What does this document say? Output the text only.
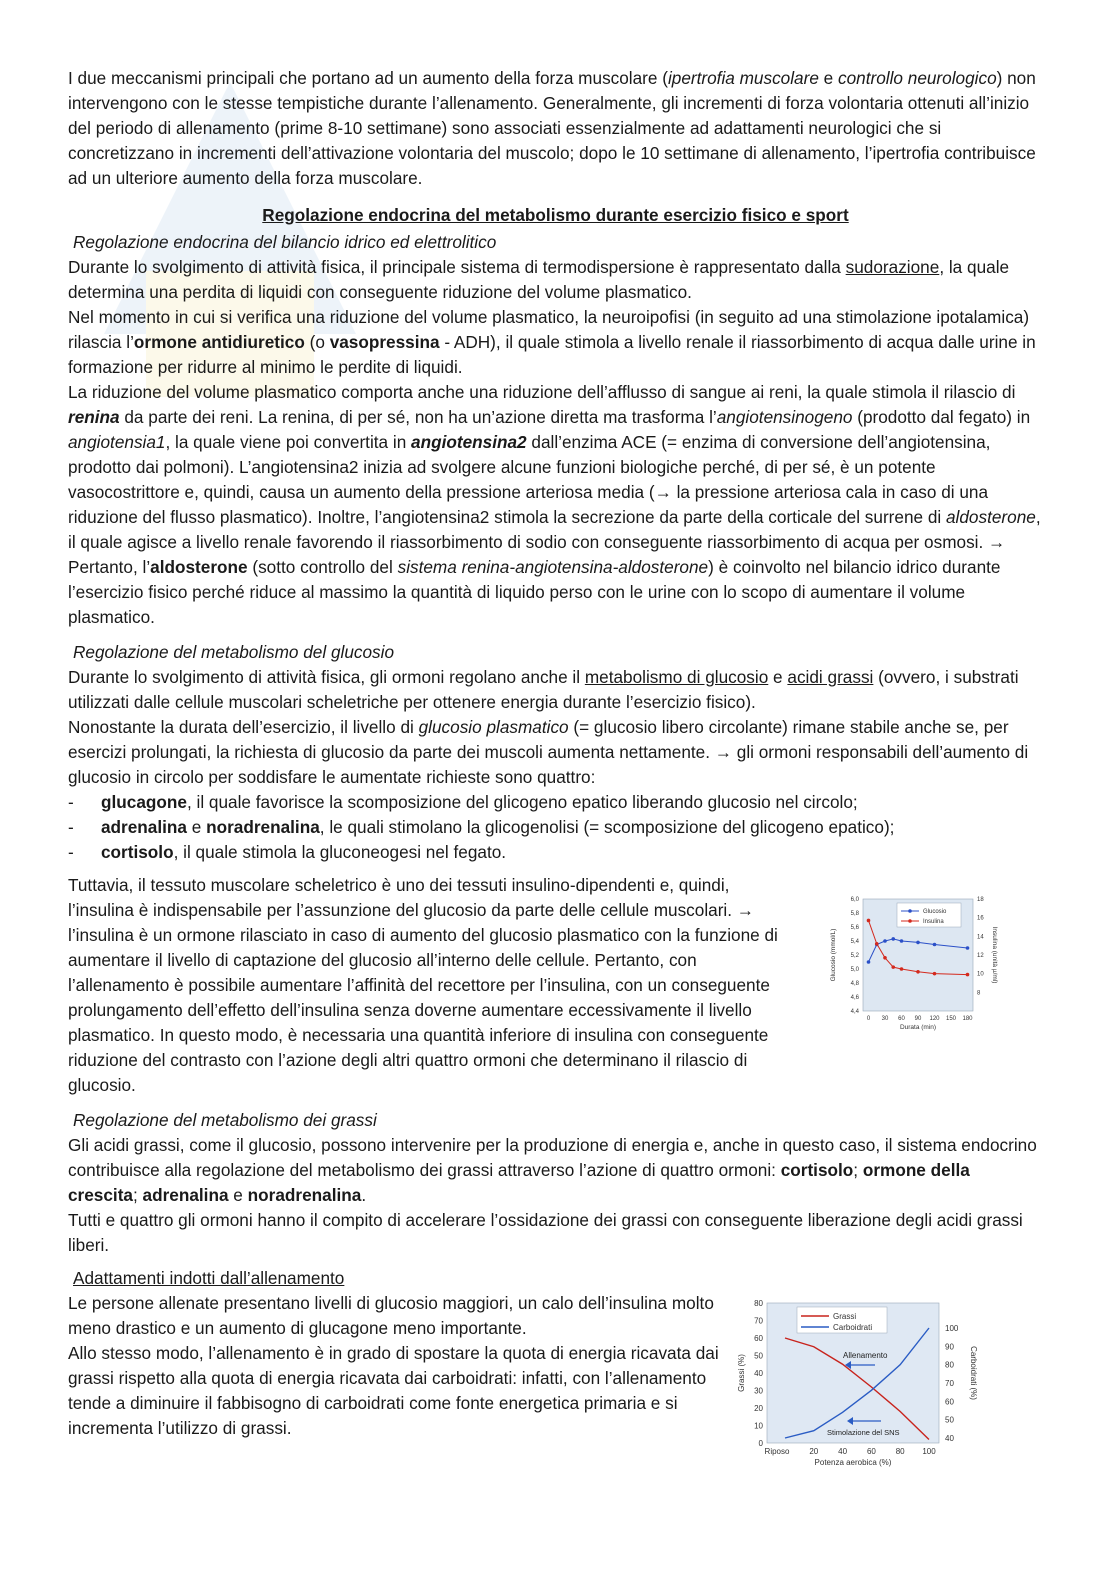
I due meccanismi principali che portano ad un aumento della forza muscolare (ipertrofia muscolare e controllo neurologico) non intervengono con le stesse tempistiche durante l’allenamento. Generalmente, gli incrementi di forza volontaria ottenuti all’inizio del periodo di allenamento (prime 8-10 settimane) sono associati essenzialmente ad adattamenti neurologici che si concretizzano in incrementi dell’attivazione volontaria del muscolo; dopo le 10 settimane di allenamento, l’ipertrofia contribuisce ad un ulteriore aumento della forza muscolare.

Regolazione endocrina del metabolismo durante esercizio fisico e sport

Regolazione endocrina del bilancio idrico ed elettrolitico

Durante lo svolgimento di attività fisica, il principale sistema di termodispersione è rappresentato dalla sudorazione, la quale determina una perdita di liquidi con conseguente riduzione del volume plasmatico.

Nel momento in cui si verifica una riduzione del volume plasmatico, la neuroipofisi (in seguito ad una stimolazione ipotalamica) rilascia l’ormone antidiuretico (o vasopressina - ADH), il quale stimola a livello renale il riassorbimento di acqua dalle urine in formazione per ridurre al minimo le perdite di liquidi.

La riduzione del volume plasmatico comporta anche una riduzione dell’afflusso di sangue ai reni, la quale stimola il rilascio di renina da parte dei reni. La renina, di per sé, non ha un’azione diretta ma trasforma l’angiotensinogeno (prodotto dal fegato) in angiotensia1, la quale viene poi convertita in angiotensina2 dall’enzima ACE (= enzima di conversione dell’angiotensina, prodotto dai polmoni). L’angiotensina2 inizia ad svolgere alcune funzioni biologiche perché, di per sé, è un potente vasocostrittore e, quindi, causa un aumento della pressione arteriosa media (→ la pressione arteriosa cala in caso di una riduzione del flusso plasmatico). Inoltre, l’angiotensina2 stimola la secrezione da parte della corticale del surrene di aldosterone, il quale agisce a livello renale favorendo il riassorbimento di sodio con conseguente riassorbimento di acqua per osmosi. → Pertanto, l’aldosterone (sotto controllo del sistema renina-angiotensina-aldosterone) è coinvolto nel bilancio idrico durante l’esercizio fisico perché riduce al massimo la quantità di liquido perso con le urine con lo scopo di aumentare il volume plasmatico.

Regolazione del metabolismo del glucosio

Durante lo svolgimento di attività fisica, gli ormoni regolano anche il metabolismo di glucosio e acidi grassi (ovvero, i substrati utilizzati dalle cellule muscolari scheletriche per ottenere energia durante l’esercizio fisico).

Nonostante la durata dell’esercizio, il livello di glucosio plasmatico (= glucosio libero circolante) rimane stabile anche se, per esercizi prolungati, la richiesta di glucosio da parte dei muscoli aumenta nettamente. → gli ormoni responsabili dell’aumento di glucosio in circolo per soddisfare le aumentate richieste sono quattro:

- glucagone, il quale favorisce la scomposizione del glicogeno epatico liberando glucosio nel circolo;
- adrenalina e noradrenalina, le quali stimolano la glicogenolisi (= scomposizione del glicogeno epatico);
- cortisolo, il quale stimola la gluconeogesi nel fegato.

Tuttavia, il tessuto muscolare scheletrico è uno dei tessuti insulino-dipendenti e, quindi, l’insulina è indispensabile per l’assunzione del glucosio da parte delle cellule muscolari. → l’insulina è un ormone rilasciato in caso di aumento del glucosio plasmatico con la funzione di aumentare il livello di captazione del glucosio all’interno delle cellule. Pertanto, con l’allenamento è possibile aumentare l’affinità del recettore per l’insulina, con un conseguente prolungamento dell’effetto dell’insulina senza doverne aumentare eccessivamente il livello plasmatico. In questo modo, è necessaria una quantità inferiore di insulina con conseguente riduzione del contrasto con l’azione degli altri quattro ormoni che determinano il rilascio di glucosio.

4,4
4,6
4,8
5,0
5,2
5,4
5,6
5,8
6,0
8
10
12
14
16
18
0 30 60 90 120 150 180
Durata (min)
Glucosio (mmol/L)	Insulina (unità µ/ml)
Glucosio
Insulina

Regolazione del metabolismo dei grassi

Gli acidi grassi, come il glucosio, possono intervenire per la produzione di energia e, anche in questo caso, il sistema endocrino contribuisce alla regolazione del metabolismo dei grassi attraverso l’azione di quattro ormoni: cortisolo; ormone della crescita; adrenalina e noradrenalina.

Tutti e quattro gli ormoni hanno il compito di accelerare l’ossidazione dei grassi con conseguente liberazione degli acidi grassi liberi.

Adattamenti indotti dall’allenamento

Le persone allenate presentano livelli di glucosio maggiori, un calo dell’insulina molto meno drastico e un aumento di glucagone meno importante.

Allo stesso modo, l’allenamento è in grado di spostare la quota di energia ricavata dai grassi rispetto alla quota di energia ricavata dai carboidrati: infatti, con l’allenamento tende a diminuire il fabbisogno di carboidrati come fonte energetica primaria e si incrementa l’utilizzo di grassi.

0
10
20
30
40
50
60
70
80
40
50
60
70
80
90
100
Riposo 20 40 60 80 100
Potenza aerobica (%)
Grassi (%)	Carboidrati (%)
Grassi
Carboidrati
Allenamento
Stimolazione del SNS
